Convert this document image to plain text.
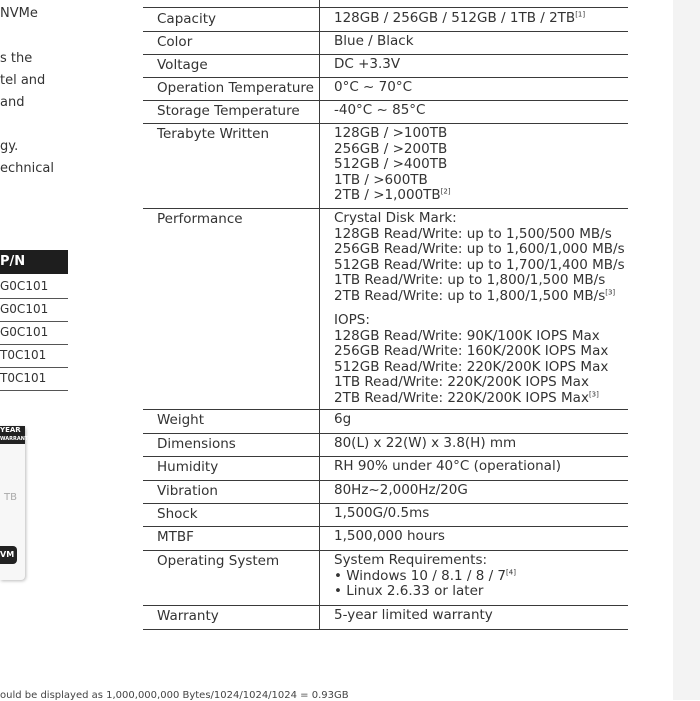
NVMe
s the
tel and
and
gy.
echnical
P/N
G0C101
G0C101
G0C101
T0C101
T0C101
YEAR
WARRANTY
TB
VM
Capacity	128GB / 256GB / 512GB / 1TB / 2TB[1]
Color	Blue / Black
Voltage	DC +3.3V
Operation Temperature 0°C ~ 70°C
Storage Temperature	-40°C ~ 85°C
Terabyte Written	128GB / >100TB
256GB / >200TB
512GB / >400TB
1TB / >600TB
2TB / >1,000TB[2]
Performance	Crystal Disk Mark:
128GB Read/Write: up to 1,500/500 MB/s
256GB Read/Write: up to 1,600/1,000 MB/s
512GB Read/Write: up to 1,700/1,400 MB/s
1TB Read/Write: up to 1,800/1,500 MB/s
2TB Read/Write: up to 1,800/1,500 MB/s[3]
IOPS:
128GB Read/Write: 90K/100K IOPS Max
256GB Read/Write: 160K/200K IOPS Max
512GB Read/Write: 220K/200K IOPS Max
1TB Read/Write: 220K/200K IOPS Max
2TB Read/Write: 220K/200K IOPS Max[3]
Weight	6g
Dimensions	80(L) x 22(W) x 3.8(H) mm
Humidity	RH 90% under 40°C (operational)
Vibration	80Hz~2,000Hz/20G
Shock	1,500G/0.5ms
MTBF	1,500,000 hours
Operating System	System Requirements:
• Windows 10 / 8.1 / 8 / 7[4]
• Linux 2.6.33 or later
Warranty	5-year limited warranty
ould be displayed as 1,000,000,000 Bytes/1024/1024/1024 = 0.93GB
